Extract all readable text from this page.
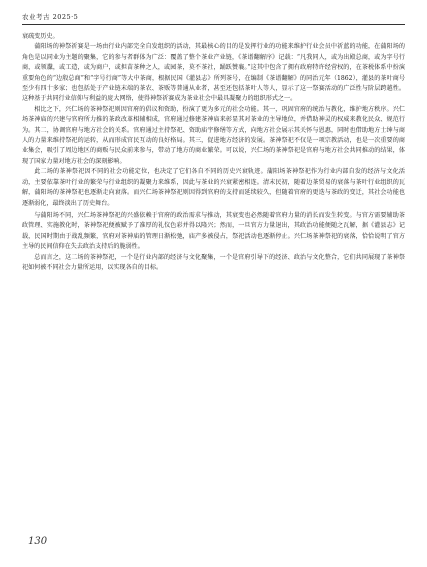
农业考古 2025·5

衰疏变历史。

蒲阳场的神祭祈赛是一场由行业内部完全自发组织的活动，其最核心的目的是发挥行业的功能来维护行业会员中祈蓝的功能，在蒲阳场的角色是以同业为主题的聚集，它的参与者群体为广泛：覆盖了整个茶业产业链，《茶谱翻解序》记载：“凡我同人，或为出殿总商，或为字号行商，或领纛，或工造，或为商户，或担苗茶种之人，或园茶，莫不茶社，踊跃赞襄。”这其中包含了拥有政府特许经营权的，在茶税体系中扮演重要角色的“边殷总商”和“字号行商”等大中茶商，根据民国《灌县志》所列茶号，在编制《茶谱翻解》的同治元年（1862），灌县的茶叶商号至少有四十多家；也包括处于产业链末端的茶农、茶贩等普通从业者，甚至还包括茶叶人等人，显示了这一祭赛活动的广泛性与阶层跨越性。这种基于共同行业信仰与利益的庞大网络，使得神祭祈赛成为茶业社会中最具凝聚力的组织形式之一。

相比之下，兴仁场的茶神祭祀则因官府的倡议和资助，扮演了更为多元的社会功能。其一，巩固官府的统治与教化，维护地方秩序。兴仁场茶神庙的兴建与官府所力推的茶政改革相辅相成，官府通过修建茶神庙来彰显其对茶业的主导地位，并借助神灵的权威来教化民众、规范行为。其二，协调官府与地方社会的关系。官府通过主持祭祀、资助庙宇修缮等方式，向地方社会展示其关怀与恩惠，同时也借助地方士绅与商人的力量来维持祭祀的运转，从而形成官民互动的良好格局。其三，促进地方经济的发展。茶神祭祀不仅是一项宗教活动，也是一次重要的商业集会，吸引了周边地区的商贩与民众前来参与，带动了地方的商业繁荣。可以说，兴仁场的茶神祭祀是官府与地方社会共同推动的结果，体现了国家力量对地方社会的深刻影响。

此二场的茶神祭祀因不同的社会功能定位，也决定了它们各自不同的历史兴衰轨迹。蒲阳场茶神祭祀作为行业内部自发的经济与文化活动，主要依靠茶叶行业的繁荣与行业组织的凝聚力来维系，因此与茶业的兴衰紧密相连。清末民初，随着边茶贸易的衰落与茶叶行业组织的瓦解，蒲阳场的茶神祭祀也逐渐走向衰落。而兴仁场茶神祭祀则因得到官府的支持而延续较久，但随着官府的更迭与茶政的变迁，其社会功能也逐渐弱化，最终淡出了历史舞台。

与蒲阳场不同，兴仁场茶神祭祀的兴盛依赖于官府的政治需求与推动，其衰变也必然随着官府力量的消长而发生转变。与官方需要辅助茶政管理、实施教化时，茶神祭祀便被赋予了准厚的礼仪色彩并得以隆兴；然而，一旦官方力量退出，其政治功能便随之瓦解，据《灌县志》记载，民国时期由于战乱频繁，官府对茶神庙的管理日渐松弛，庙产多被侵占，祭祀活动也逐渐停止。兴仁场茶神祭祀的衰落，恰恰说明了官方主导的民间信仰在失去政治支持后的脆弱性。

总而言之，这二场的茶神祭祀，一个是行业内部的经济与文化聚集，一个是官府引导下的经济、政治与文化整合，它们共同展现了茶神祭祀如何被不同社会力量所运用，以实现各自的目标。

130
